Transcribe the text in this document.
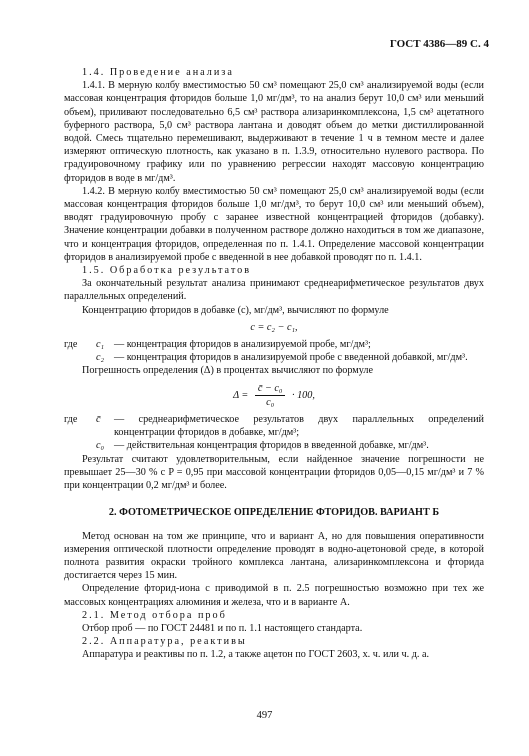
ГОСТ 4386—89 С. 4

1.4. Проведение анализа

1.4.1. В мерную колбу вместимостью 50 см³ помещают 25,0 см³ анализируемой воды (если массовая концентрация фторидов больше 1,0 мг/дм³, то на анализ берут 10,0 см³ или меньший объем), приливают последовательно 6,5 см³ раствора ализаринкомплексона, 1,5 см³ ацетатного буферного раствора, 5,0 см³ раствора лантана и доводят объем до метки дистиллированной водой. Смесь тщательно перемешивают, выдерживают в течение 1 ч в темном месте и далее измеряют оптическую плотность, как указано в п. 1.3.9, относительно нулевого раствора. По градуировочному графику или по уравнению регрессии находят массовую концентрацию фторидов в воде в мг/дм³.

1.4.2. В мерную колбу вместимостью 50 см³ помещают 25,0 см³ анализируемой воды (если массовая концентрация фторидов больше 1,0 мг/дм³, то берут 10,0 см³ или меньший объем), вводят градуировочную пробу с заранее известной концентрацией фторидов (добавку). Значение концентрации добавки в полученном растворе должно находиться в том же диапазоне, что и концентрация фторидов, определенная по п. 1.4.1. Определение массовой концентрации фторидов в анализируемой пробе с введенной в нее добавкой проводят по п. 1.4.1.

1.5. Обработка результатов

За окончательный результат анализа принимают среднеарифметическое результатов двух параллельных определений.

Концентрацию фторидов в добавке (с), мг/дм³, вычисляют по формуле

c = c₂ − c₁,
где	c₁ — концентрация фторидов в анализируемой пробе, мг/дм³;
c₂ — концентрация фторидов в анализируемой пробе с введенной добавкой, мг/дм³.

Погрешность определения (Δ) в процентах вычисляют по формуле

$\Delta = \frac{\text{c̄ − c₀}}{\text{c₀}} \cdot 100$,
где	c̄	— среднеарифметическое результатов двух параллельных определений концентрации фторидов в добавке, мг/дм³;
c₀ — действительная концентрация фторидов в введенной добавке, мг/дм³.

Результат считают удовлетворительным, если найденное значение погрешности не превышает 25—30 % с P = 0,95 при массовой концентрации фторидов 0,05—0,15 мг/дм³ и 7 % при концентрации 0,2 мг/дм³ и более.

2. ФОТОМЕТРИЧЕСКОЕ ОПРЕДЕЛЕНИЕ ФТОРИДОВ. ВАРИАНТ Б

Метод основан на том же принципе, что и вариант А, но для повышения оперативности измерения оптической плотности определение проводят в водно-ацетоновой среде, в которой полнота развития окраски тройного комплекса лантана, ализаринкомплексона и фторида достигается через 15 мин.

Определение фторид-иона с приводимой в п. 2.5 погрешностью возможно при тех же массовых концентрациях алюминия и железа, что и в варианте А.

2.1. Метод отбора проб

Отбор проб — по ГОСТ 24481 и по п. 1.1 настоящего стандарта.

2.2. Аппаратура, реактивы

Аппаратура и реактивы по п. 1.2, а также ацетон по ГОСТ 2603, х. ч. или ч. д. а.

497
